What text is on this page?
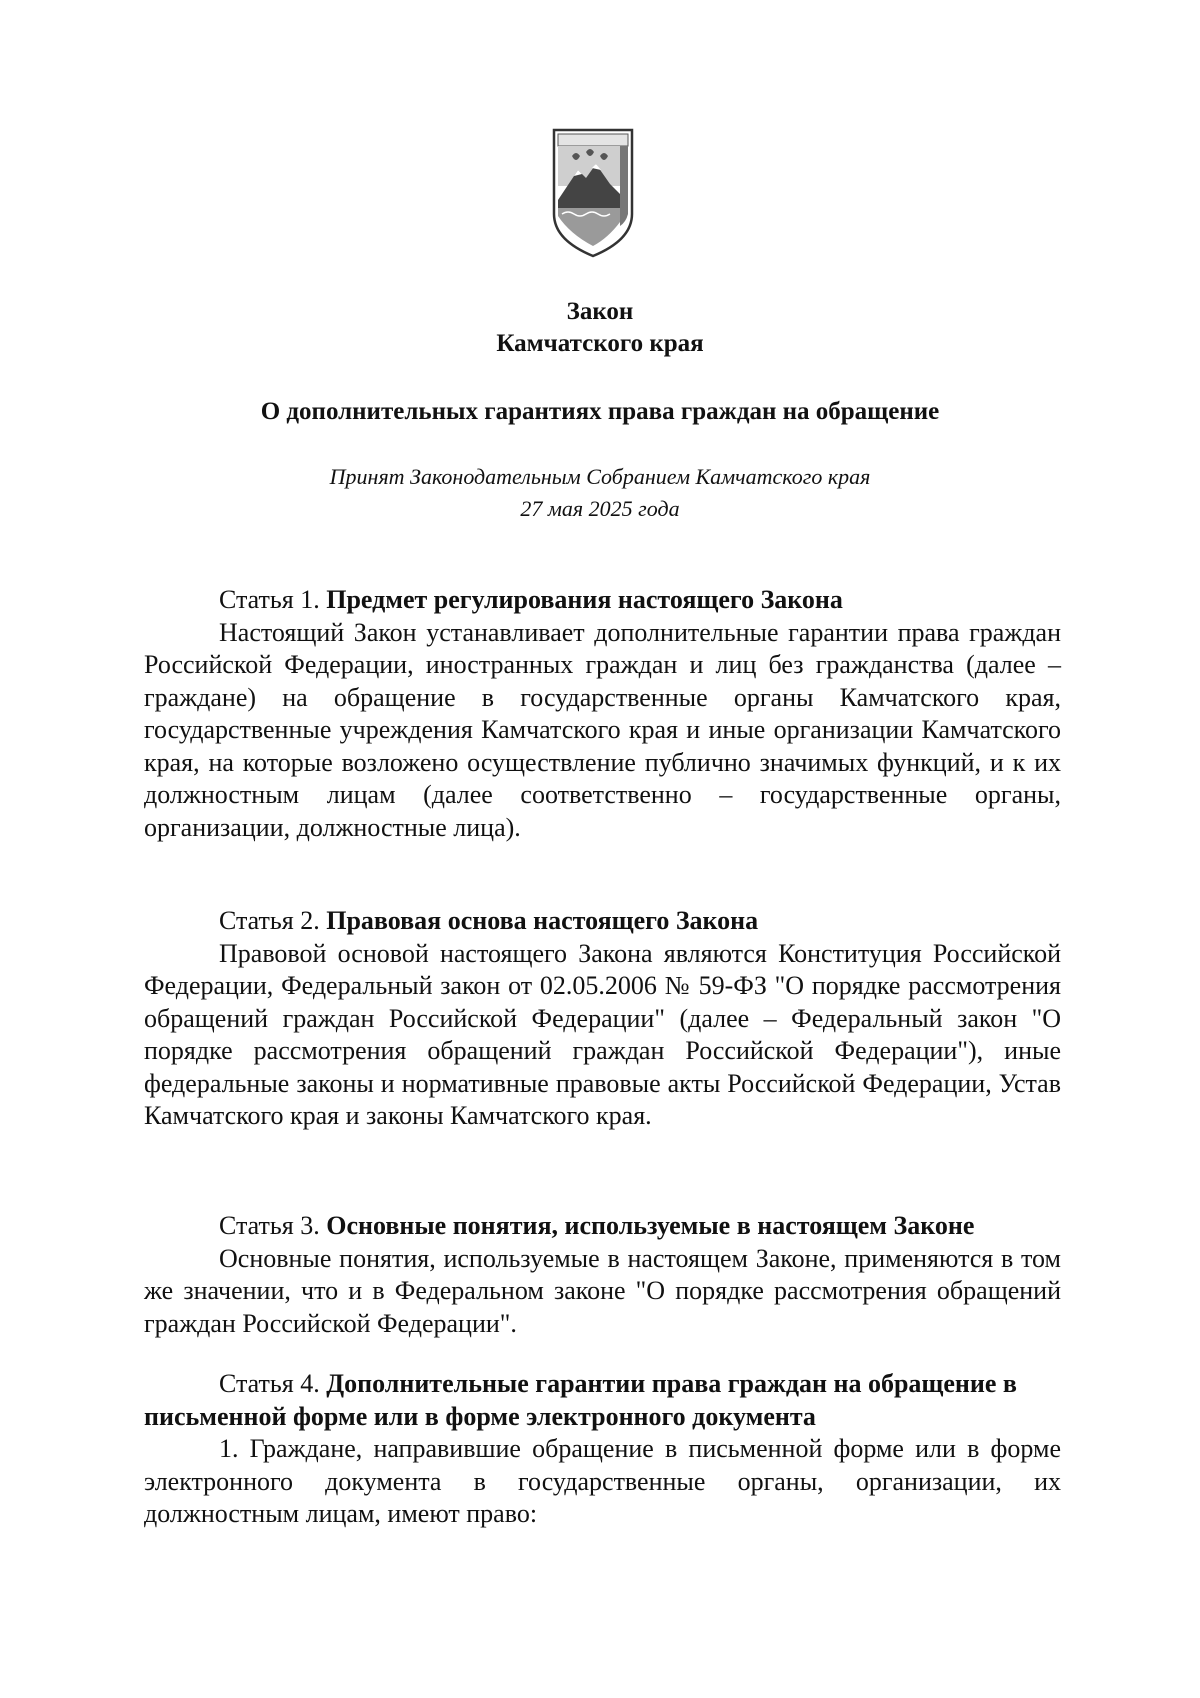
Закон
Камчатского края
О дополнительных гарантиях права граждан на обращение
Принят Законодательным Собранием Камчатского края
27 мая 2025 года
Статья 1. Предмет регулирования настоящего Закона

Настоящий Закон устанавливает дополнительные гарантии права граждан Российской Федерации, иностранных граждан и лиц без гражданства (далее – граждане) на обращение в государственные органы Камчатского края, государственные учреждения Камчатского края и иные организации Камчатского края, на которые возложено осуществление публично значимых функций, и к их должностным лицам (далее соответственно – государственные органы, организации, должностные лица).

Статья 2. Правовая основа настоящего Закона

Правовой основой настоящего Закона являются Конституция Российской Федерации, Федеральный закон от 02.05.2006 № 59-ФЗ "О порядке рассмотрения обращений граждан Российской Федерации" (далее – Федеральный закон "О порядке рассмотрения обращений граждан Российской Федерации"), иные федеральные законы и нормативные правовые акты Российской Федерации, Устав Камчатского края и законы Камчатского края.

Статья 3. Основные понятия, используемые в настоящем Законе

Основные понятия, используемые в настоящем Законе, применяются в том же значении, что и в Федеральном законе "О порядке рассмотрения обращений граждан Российской Федерации".

Статья 4. Дополнительные гарантии права граждан на обращение в письменной форме или в форме электронного документа

1. Граждане, направившие обращение в письменной форме или в форме электронного документа в государственные органы, организации, их должностным лицам, имеют право:
